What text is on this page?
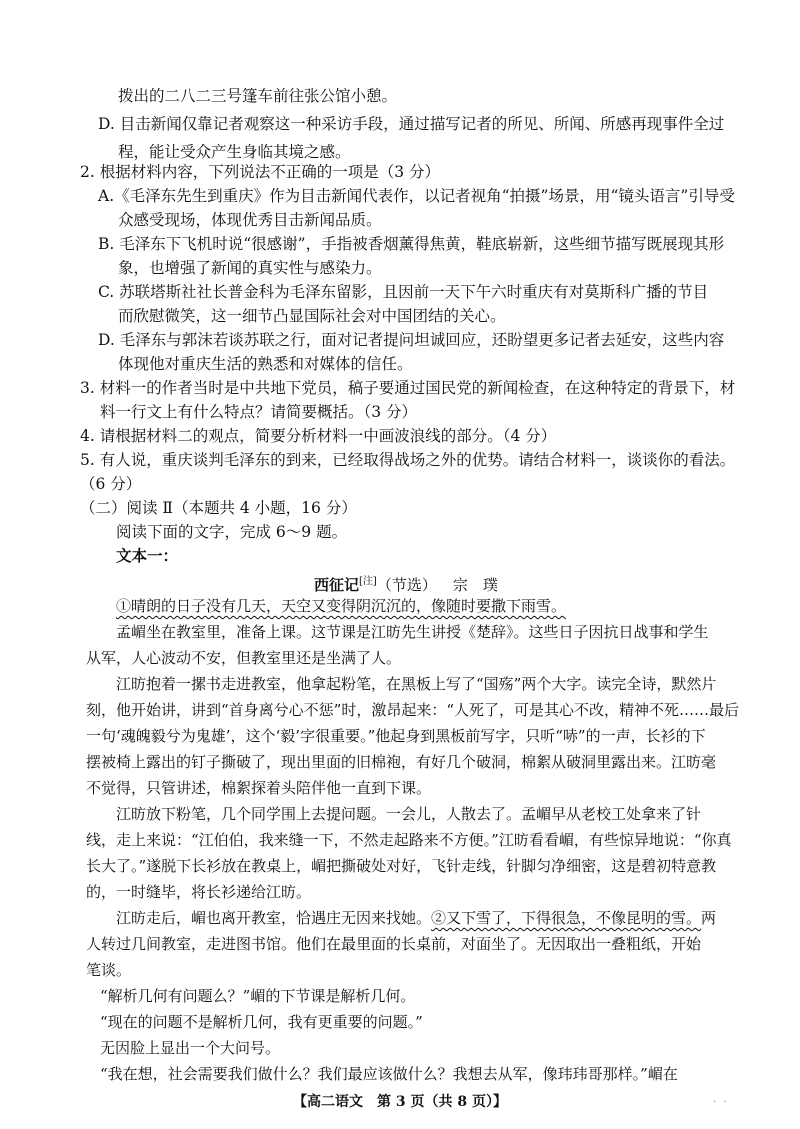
拨出的二八二三号篷车前往张公馆小憩。
D. 目击新闻仅靠记者观察这一种采访手段，通过描写记者的所见、所闻、所感再现事件全过
程，能让受众产生身临其境之感。
2. 根据材料内容，下列说法不正确的一项是（3 分）
A.《毛泽东先生到重庆》作为目击新闻代表作，以记者视角“拍摄”场景，用“镜头语言”引导受
众感受现场，体现优秀目击新闻品质。
B. 毛泽东下飞机时说“很感谢”，手指被香烟薰得焦黄，鞋底崭新，这些细节描写既展现其形
象，也增强了新闻的真实性与感染力。
C. 苏联塔斯社社长普金科为毛泽东留影，且因前一天下午六时重庆有对莫斯科广播的节目
而欣慰微笑，这一细节凸显国际社会对中国团结的关心。
D. 毛泽东与郭沫若谈苏联之行，面对记者提问坦诚回应，还盼望更多记者去延安，这些内容
体现他对重庆生活的熟悉和对媒体的信任。
3. 材料一的作者当时是中共地下党员，稿子要通过国民党的新闻检查，在这种特定的背景下，材
料一行文上有什么特点？请简要概括。（3 分）
4. 请根据材料二的观点，简要分析材料一中画波浪线的部分。（4 分）
5. 有人说，重庆谈判毛泽东的到来，已经取得战场之外的优势。请结合材料一，谈谈你的看法。
（6 分）
（二）阅读 Ⅱ（本题共 4 小题，16 分）
阅读下面的文字，完成 6～9 题。
文本一：
西征记[注]（节选） 宗　璞
①晴朗的日子没有几天，天空又变得阴沉沉的，像随时要撒下雨雪。
孟嵋坐在教室里，准备上课。这节课是江昉先生讲授《楚辞》。这些日子因抗日战事和学生
从军，人心波动不安，但教室里还是坐满了人。
江昉抱着一摞书走进教室，他拿起粉笔，在黑板上写了“国殇”两个大字。读完全诗，默然片
刻，他开始讲，讲到“首身离兮心不惩”时，激昂起来：“人死了，可是其心不改，精神不死……最后
一句‘魂魄毅兮为鬼雄’，这个‘毅’字很重要。”他起身到黑板前写字，只听“哧”的一声，长衫的下
摆被椅上露出的钉子撕破了，现出里面的旧棉袍，有好几个破洞，棉絮从破洞里露出来。江昉毫
不觉得，只管讲述，棉絮探着头陪伴他一直到下课。
江昉放下粉笔，几个同学围上去提问题。一会儿，人散去了。孟嵋早从老校工处拿来了针
线，走上来说：“江伯伯，我来缝一下，不然走起路来不方便。”江昉看看嵋，有些惊异地说：“你真
长大了。”遂脱下长衫放在教桌上，嵋把撕破处对好，飞针走线，针脚匀净细密，这是碧初特意教
的，一时缝毕，将长衫递给江昉。
江昉走后，嵋也离开教室，恰遇庄无因来找她。②又下雪了，下得很急，不像昆明的雪。两
人转过几间教室，走进图书馆。他们在最里面的长桌前，对面坐了。无因取出一叠粗纸，开始
笔谈。
“解析几何有问题么？”嵋的下节课是解析几何。
“现在的问题不是解析几何，我有更重要的问题。”
无因脸上显出一个大问号。
“我在想，社会需要我们做什么？我们最应该做什么？我想去从军，像玮玮哥那样。”嵋在
【高二语文　第 3 页（共 8 页）】	· ·
